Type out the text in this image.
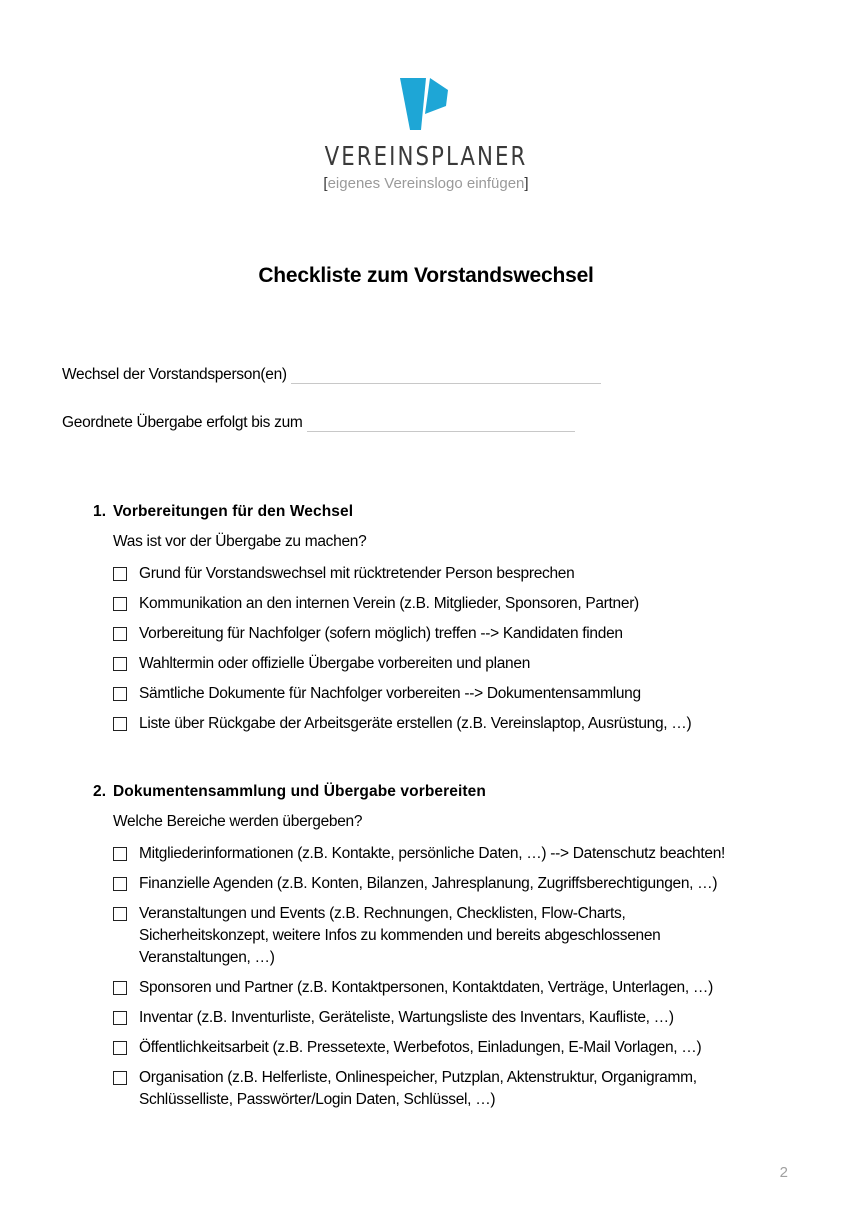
VEREINSPLANER
[eigenes Vereinslogo einfügen]
Checkliste zum Vorstandswechsel
Wechsel der Vorstandsperson(en)
Geordnete Übergabe erfolgt bis zum
1. Vorbereitungen für den Wechsel
Was ist vor der Übergabe zu machen?
Grund für Vorstandswechsel mit rücktretender Person besprechen
Kommunikation an den internen Verein (z.B. Mitglieder, Sponsoren, Partner)
Vorbereitung für Nachfolger (sofern möglich) treffen --> Kandidaten finden
Wahltermin oder offizielle Übergabe vorbereiten und planen
Sämtliche Dokumente für Nachfolger vorbereiten --> Dokumentensammlung
Liste über Rückgabe der Arbeitsgeräte erstellen (z.B. Vereinslaptop, Ausrüstung, …)
2. Dokumentensammlung und Übergabe vorbereiten
Welche Bereiche werden übergeben?
Mitgliederinformationen (z.B. Kontakte, persönliche Daten, …) --> Datenschutz beachten!
Finanzielle Agenden (z.B. Konten, Bilanzen, Jahresplanung, Zugriffsberechtigungen, …)
Veranstaltungen und Events (z.B. Rechnungen, Checklisten, Flow-Charts, Sicherheitskonzept, weitere Infos zu kommenden und bereits abgeschlossenen Veranstaltungen, …)
Sponsoren und Partner (z.B. Kontaktpersonen, Kontaktdaten, Verträge, Unterlagen, …)
Inventar (z.B. Inventurliste, Geräteliste, Wartungsliste des Inventars, Kaufliste, …)
Öffentlichkeitsarbeit (z.B. Pressetexte, Werbefotos, Einladungen, E-Mail Vorlagen, …)
Organisation (z.B. Helferliste, Onlinespeicher, Putzplan, Aktenstruktur, Organigramm, Schlüsselliste, Passwörter/Login Daten, Schlüssel, …)
2
